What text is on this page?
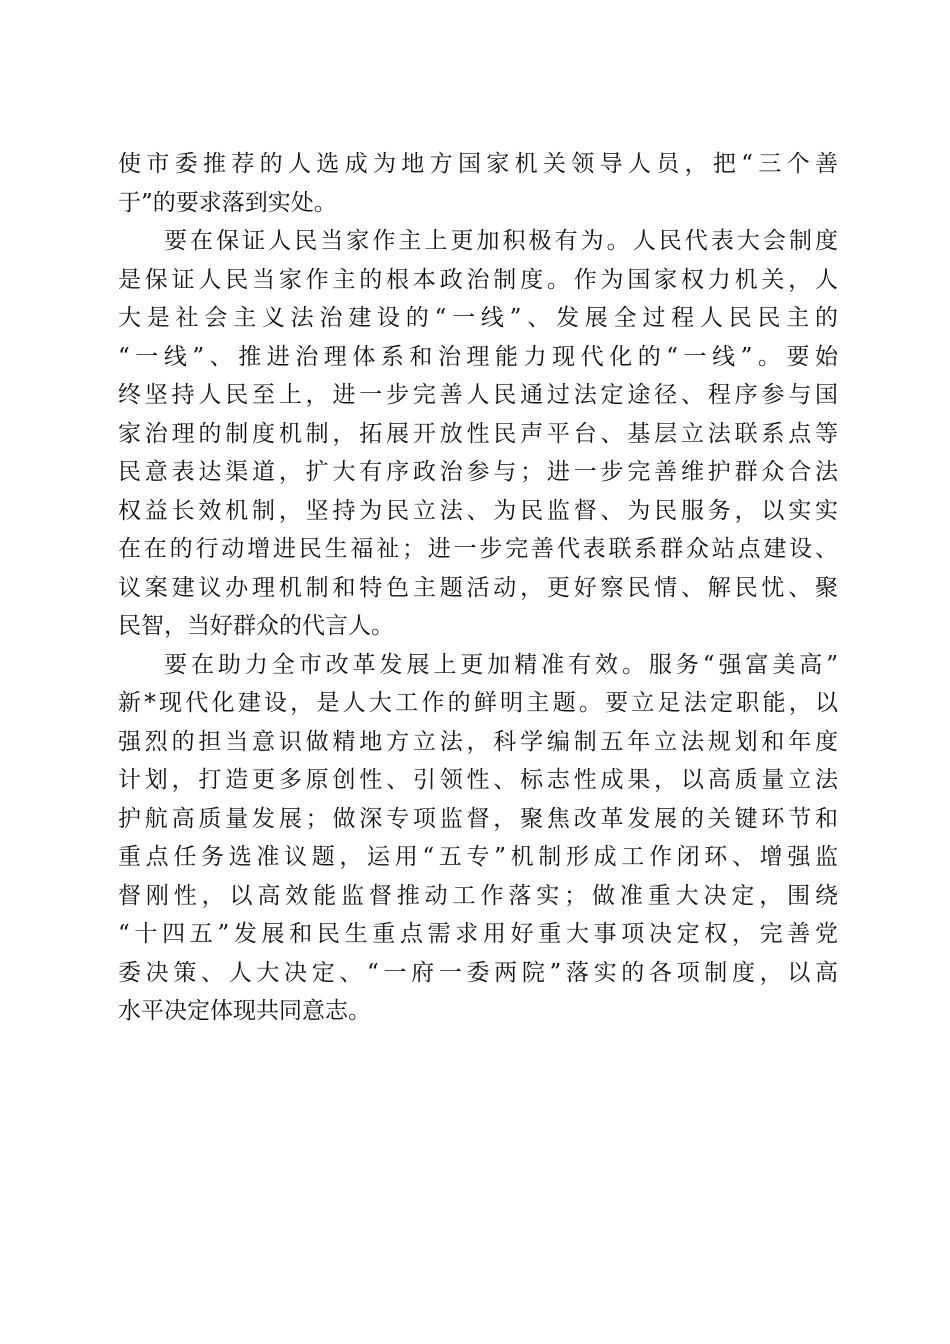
使市委推荐的人选成为地方国家机关领导人员，把“三个善
于”的要求落到实处。
要在保证人民当家作主上更加积极有为。人民代表大会制度
是保证人民当家作主的根本政治制度。作为国家权力机关，人
大是社会主义法治建设的“一线”、发展全过程人民民主的
“一线”、推进治理体系和治理能力现代化的“一线”。要始
终坚持人民至上，进一步完善人民通过法定途径、程序参与国
家治理的制度机制，拓展开放性民声平台、基层立法联系点等
民意表达渠道，扩大有序政治参与；进一步完善维护群众合法
权益长效机制，坚持为民立法、为民监督、为民服务，以实实
在在的行动增进民生福祉；进一步完善代表联系群众站点建设、
议案建议办理机制和特色主题活动，更好察民情、解民忧、聚
民智，当好群众的代言人。
要在助力全市改革发展上更加精准有效。服务“强富美高”
新*现代化建设，是人大工作的鲜明主题。要立足法定职能，以
强烈的担当意识做精地方立法，科学编制五年立法规划和年度
计划，打造更多原创性、引领性、标志性成果，以高质量立法
护航高质量发展；做深专项监督，聚焦改革发展的关键环节和
重点任务选准议题，运用“五专”机制形成工作闭环、增强监
督刚性，以高效能监督推动工作落实；做准重大决定，围绕
“十四五”发展和民生重点需求用好重大事项决定权，完善党
委决策、人大决定、“一府一委两院”落实的各项制度，以高
水平决定体现共同意志。
